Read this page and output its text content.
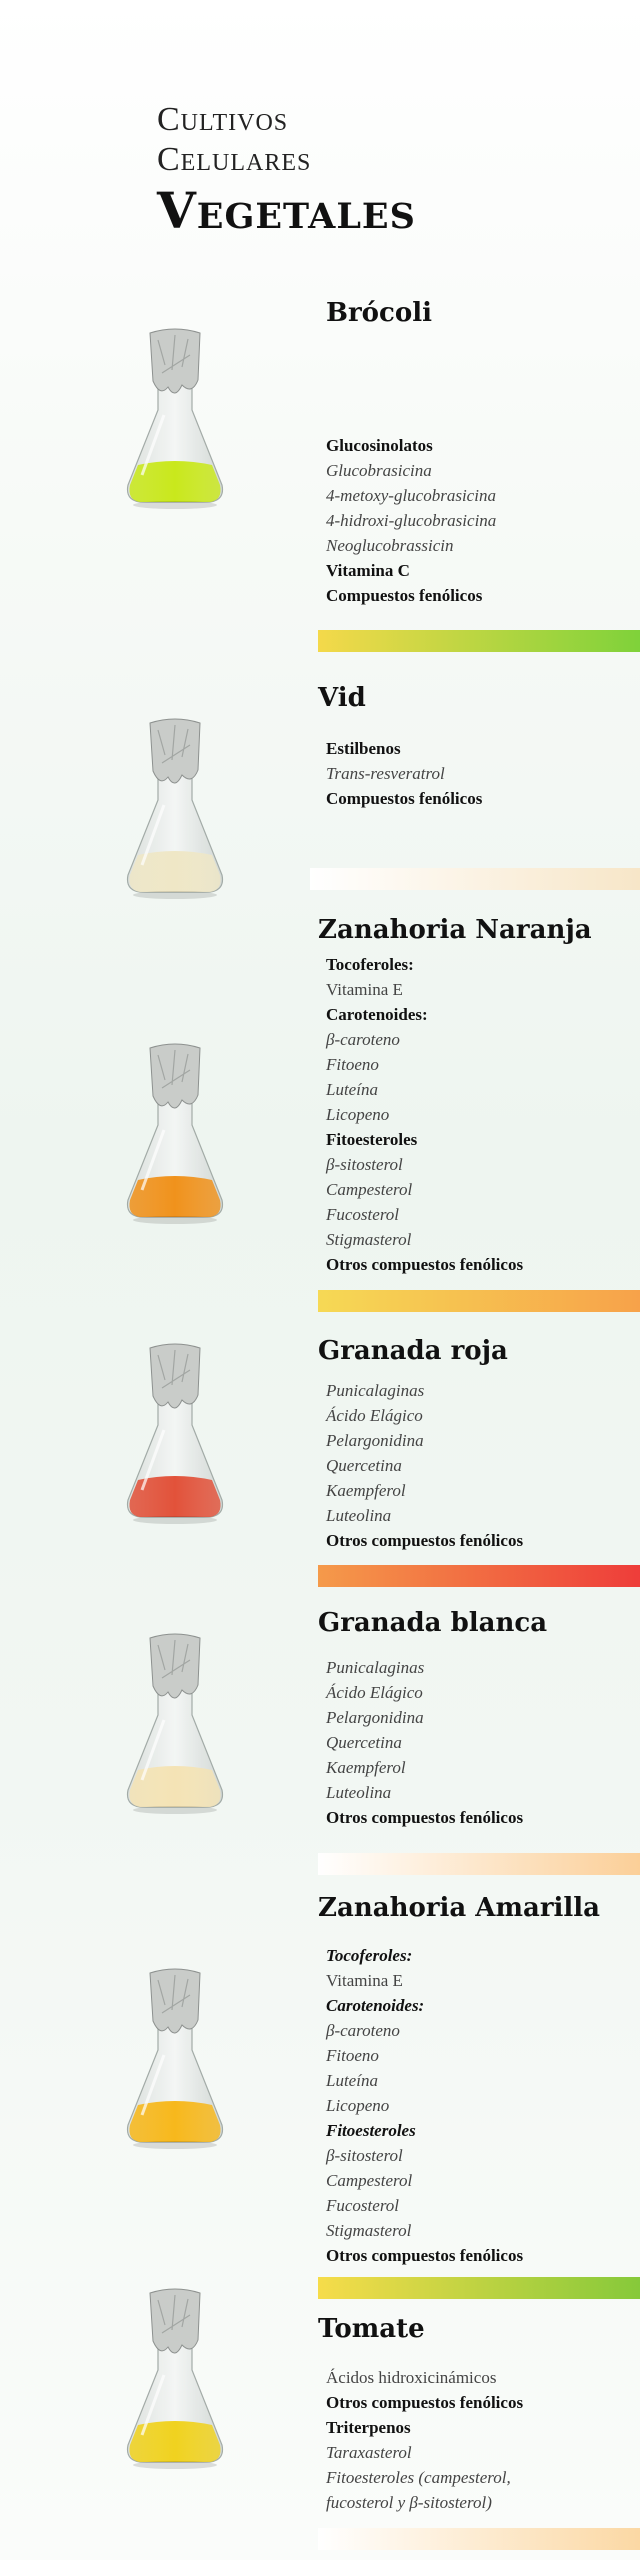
Cultivos
Celulares
Vegetales
Brócoli
Glucosinolatos
Glucobrasicina
4-metoxy-glucobrasicina
4-hidroxi-glucobrasicina
Neoglucobrassicin
Vitamina C
Compuestos fenólicos
Vid
Estilbenos
Trans-resveratrol
Compuestos fenólicos
Zanahoria Naranja
Tocoferoles:
Vitamina E
Carotenoides:
β-caroteno
Fitoeno
Luteína
Licopeno
Fitoesteroles
β-sitosterol
Campesterol
Fucosterol
Stigmasterol
Otros compuestos fenólicos
Granada roja
Punicalaginas
Ácido Elágico
Pelargonidina
Quercetina
Kaempferol
Luteolina
Otros compuestos fenólicos
Granada blanca
Punicalaginas
Ácido Elágico
Pelargonidina
Quercetina
Kaempferol
Luteolina
Otros compuestos fenólicos
Zanahoria Amarilla
Tocoferoles:
Vitamina E
Carotenoides:
β-caroteno
Fitoeno
Luteína
Licopeno
Fitoesteroles
β-sitosterol
Campesterol
Fucosterol
Stigmasterol
Otros compuestos fenólicos
Tomate
Ácidos hidroxicinámicos
Otros compuestos fenólicos
Triterpenos
Taraxasterol
Fitoesteroles (campesterol,
fucosterol y β-sitosterol)
